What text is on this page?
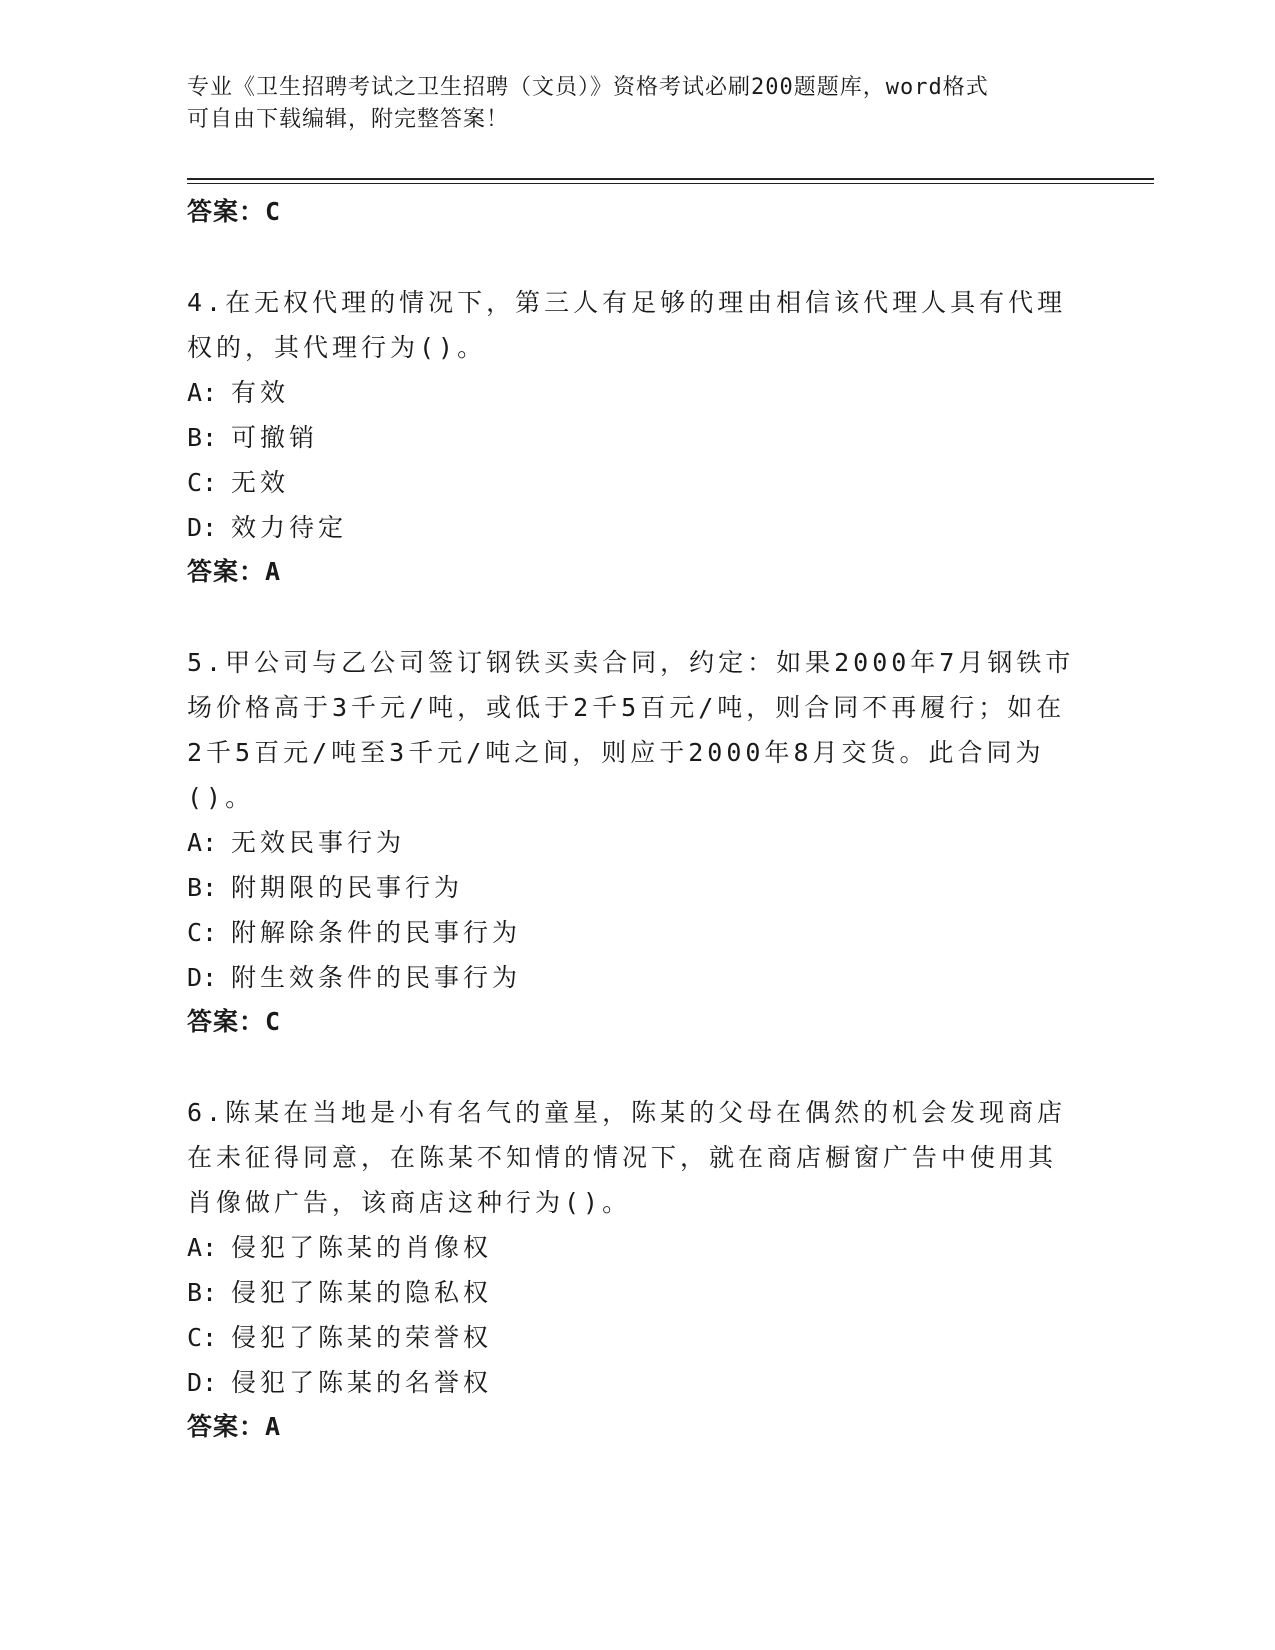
专业《卫生招聘考试之卫生招聘（文员）》资格考试必刷200题题库，word格式
可自由下载编辑，附完整答案！
答案：C
4.在无权代理的情况下，第三人有足够的理由相信该代理人具有代理权的，其代理行为()。
A: 有效
B: 可撤销
C: 无效
D: 效力待定
答案：A
5.甲公司与乙公司签订钢铁买卖合同，约定：如果2000年7月钢铁市场价格高于3千元/吨，或低于2千5百元/吨，则合同不再履行；如在2千5百元/吨至3千元/吨之间，则应于2000年8月交货。此合同为()。
A: 无效民事行为
B: 附期限的民事行为
C: 附解除条件的民事行为
D: 附生效条件的民事行为
答案：C
6.陈某在当地是小有名气的童星，陈某的父母在偶然的机会发现商店在未征得同意，在陈某不知情的情况下，就在商店橱窗广告中使用其肖像做广告，该商店这种行为()。
A: 侵犯了陈某的肖像权
B: 侵犯了陈某的隐私权
C: 侵犯了陈某的荣誉权
D: 侵犯了陈某的名誉权
答案：A
